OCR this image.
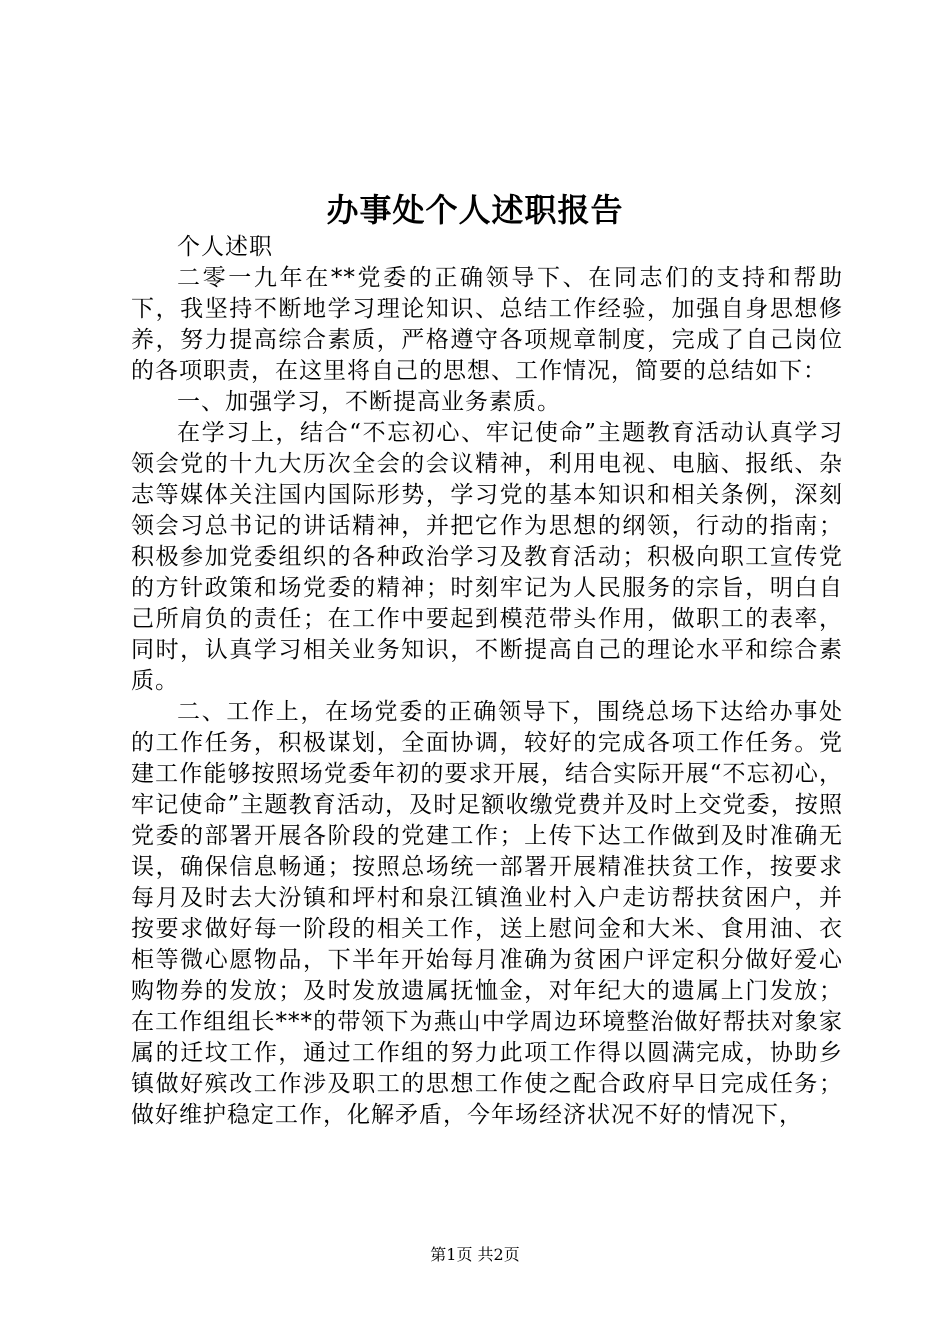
办事处个人述职报告

个人述职

二零一九年在**党委的正确领导下、在同志们的支持和帮助下，我坚持不断地学习理论知识、总结工作经验，加强自身思想修养，努力提高综合素质，严格遵守各项规章制度，完成了自己岗位的各项职责，在这里将自己的思想、工作情况，简要的总结如下：

一、加强学习，不断提高业务素质。

在学习上，结合“不忘初心、牢记使命”主题教育活动认真学习领会党的十九大历次全会的会议精神，利用电视、电脑、报纸、杂志等媒体关注国内国际形势，学习党的基本知识和相关条例，深刻领会习总书记的讲话精神，并把它作为思想的纲领，行动的指南；积极参加党委组织的各种政治学习及教育活动；积极向职工宣传党的方针政策和场党委的精神；时刻牢记为人民服务的宗旨，明白自己所肩负的责任；在工作中要起到模范带头作用，做职工的表率，同时，认真学习相关业务知识，不断提高自己的理论水平和综合素质。

二、工作上，在场党委的正确领导下，围绕总场下达给办事处的工作任务，积极谋划，全面协调，较好的完成各项工作任务。党建工作能够按照场党委年初的要求开展，结合实际开展“不忘初心，牢记使命”主题教育活动，及时足额收缴党费并及时上交党委，按照党委的部署开展各阶段的党建工作；上传下达工作做到及时准确无误，确保信息畅通；按照总场统一部署开展精准扶贫工作，按要求每月及时去大汾镇和坪村和泉江镇渔业村入户走访帮扶贫困户，并按要求做好每一阶段的相关工作，送上慰问金和大米、食用油、衣柜等微心愿物品，下半年开始每月准确为贫困户评定积分做好爱心购物券的发放；及时发放遗属抚恤金，对年纪大的遗属上门发放；在工作组组长***的带领下为燕山中学周边环境整治做好帮扶对象家属的迁坟工作，通过工作组的努力此项工作得以圆满完成，协助乡镇做好殡改工作涉及职工的思想工作使之配合政府早日完成任务；做好维护稳定工作，化解矛盾，今年场经济状况不好的情况下，

第1页 共2页
